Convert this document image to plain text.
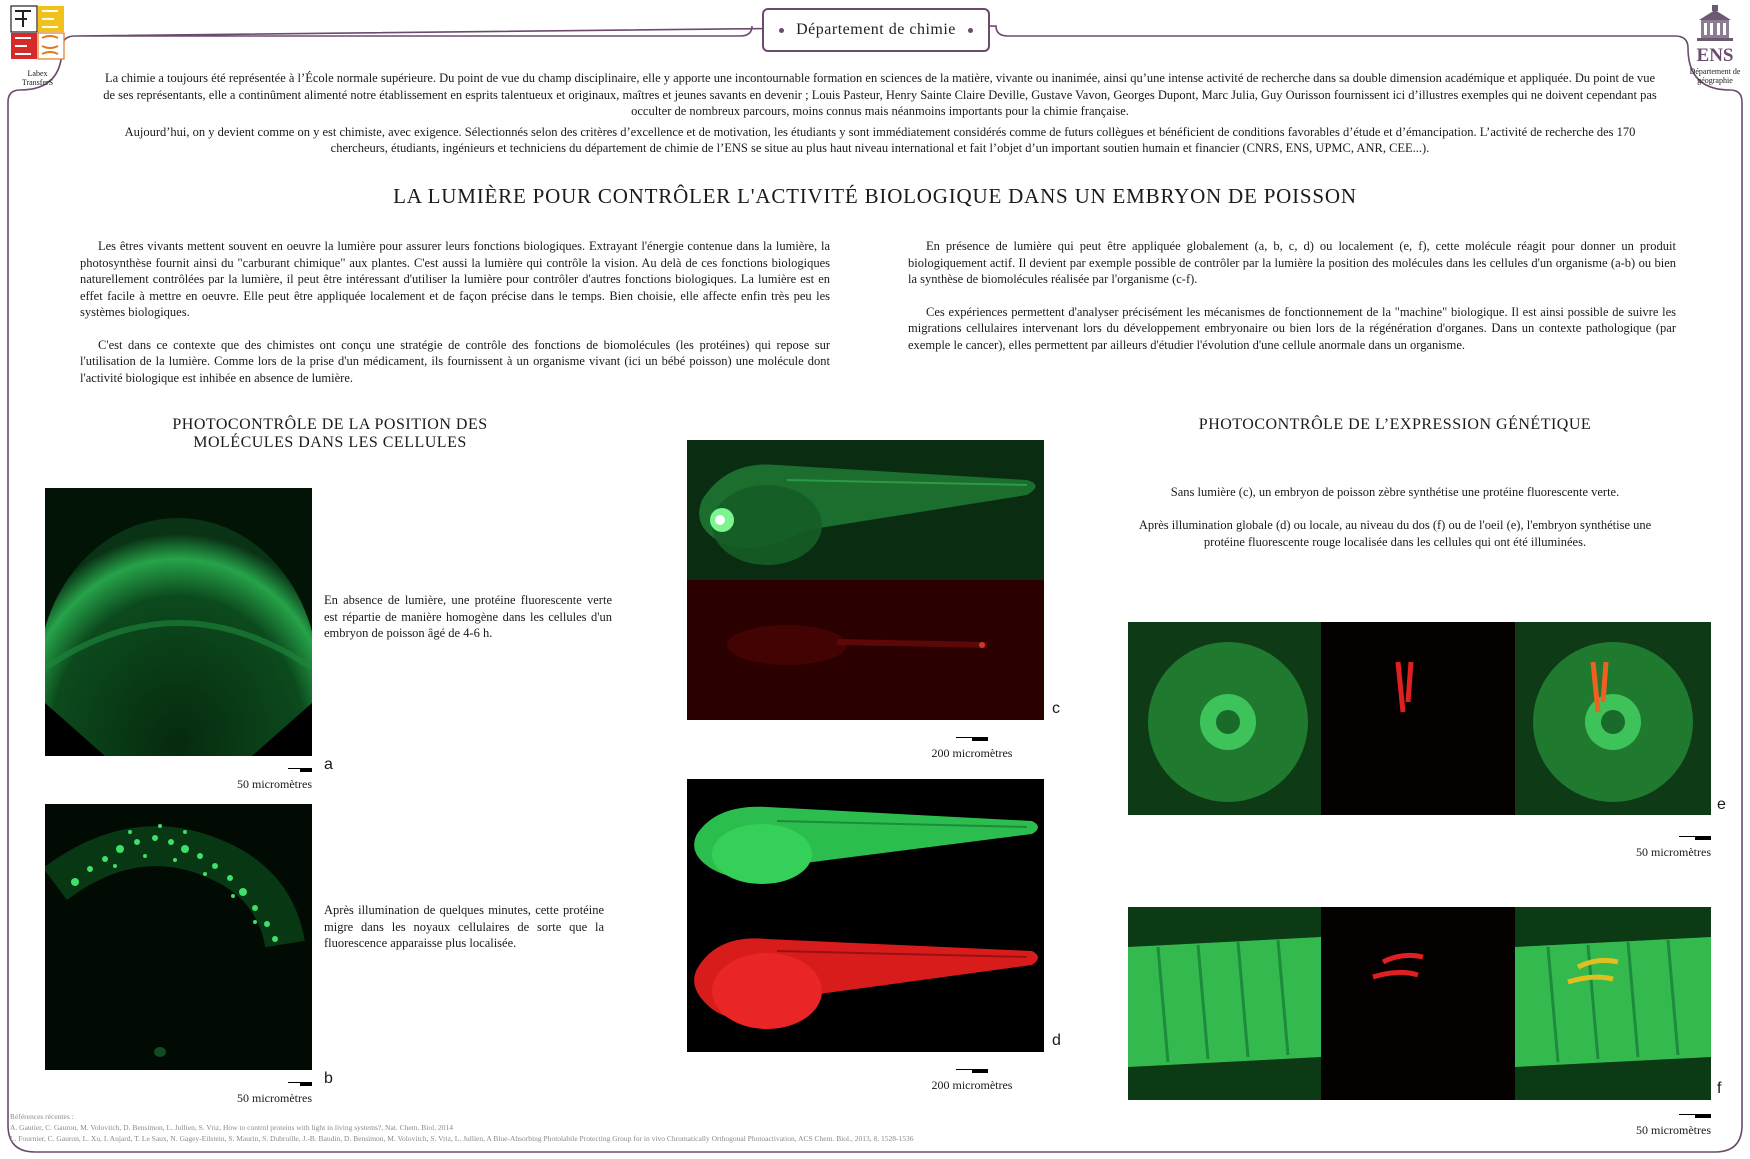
Labex
TransferS
ENS
Département de
géographie
Département de chimie

La chimie a toujours été représentée à l’École normale supérieure. Du point de vue du champ disciplinaire, elle y apporte une incontournable formation en sciences de la matière, vivante ou inanimée, ainsi qu’une intense activité de recherche dans sa double dimension académique et appliquée. Du point de vue de ses représentants, elle a continûment alimenté notre établissement en esprits talentueux et originaux, maîtres et jeunes savants en devenir ; Louis Pasteur, Henry Sainte Claire Deville, Gustave Vavon, Georges Dupont, Marc Julia, Guy Ourisson fournissent ici d’illustres exemples qui ne doivent cependant pas occulter de nombreux parcours, moins connus mais néanmoins importants pour la chimie française.

Aujourd’hui, on y devient comme on y est chimiste, avec exigence. Sélectionnés selon des critères d’excellence et de motivation, les étudiants y sont immédiatement considérés comme de futurs collègues et bénéficient de conditions favorables d’étude et d’émancipation. L’activité de recherche des 170 chercheurs, étudiants, ingénieurs et techniciens du département de chimie de l’ENS se situe au plus haut niveau international et fait l’objet d’un important soutien humain et financier (CNRS, ENS, UPMC, ANR, CEE...).

LA LUMIÈRE POUR CONTRÔLER L'ACTIVITÉ BIOLOGIQUE DANS UN EMBRYON DE POISSON

Les êtres vivants mettent souvent en oeuvre la lumière pour assurer leurs fonctions biologiques. Extrayant l'énergie contenue dans la lumière, la photosynthèse fournit ainsi du "carburant chimique" aux plantes. C'est aussi la lumière qui contrôle la vision. Au delà de ces fonctions biologiques naturellement contrôlées par la lumière, il peut être intéressant d'utiliser la lumière pour contrôler d'autres fonctions biologiques. La lumière est en effet facile à mettre en oeuvre. Elle peut être appliquée localement et de façon précise dans le temps. Bien choisie, elle affecte enfin très peu les systèmes biologiques.

C'est dans ce contexte que des chimistes ont conçu une stratégie de contrôle des fonctions de biomolécules (les protéines) qui repose sur l'utilisation de la lumière. Comme lors de la prise d'un médicament, ils fournissent à un organisme vivant (ici un bébé poisson) une molécule dont l'activité biologique est inhibée en absence de lumière.

En présence de lumière qui peut être appliquée globalement (a, b, c, d) ou localement (e, f), cette molécule réagit pour donner un produit biologiquement actif. Il devient par exemple possible de contrôler par la lumière la position des molécules dans les cellules d'un organisme (a-b) ou bien la synthèse de biomolécules réalisée par l'organisme (c-f).

Ces expériences permettent d'analyser précisément les mécanismes de fonctionnement de la "machine" biologique. Il est ainsi possible de suivre les migrations cellulaires intervenant lors du développement embryonaire ou bien lors de la régénération d'organes. Dans un contexte pathologique (par exemple le cancer), elles permettent par ailleurs d'étudier l'évolution d'une cellule anormale dans un organisme.

PHOTOCONTRÔLE DE LA POSITION DES
MOLÉCULES DANS LES CELLULES
PHOTOCONTRÔLE DE L’EXPRESSION GÉNÉTIQUE
En absence de lumière, une protéine fluorescente verte est répartie de manière homogène dans les cellules d'un embryon de poisson âgé de 4-6 h.

50 micromètres
a
Après illumination de quelques minutes, cette protéine migre dans les noyaux cellulaires de sorte que la fluorescence apparaisse plus localisée.

50 micromètres
b
c

200 micromètres
d

200 micromètres
Sans lumière (c), un embryon de poisson zèbre synthétise une protéine fluorescente verte.
Après illumination globale (d) ou locale, au niveau du dos (f) ou de l'oeil (e), l'embryon synthétise une protéine fluorescente rouge localisée dans les cellules qui ont été illuminées.
e

50 micromètres
f

50 micromètres
Références récentes :
A. Gautier, C. Gauron, M. Volovitch, D. Bensimon, L. Jullien, S. Vriz, How to control proteins with light in living systems?, Nat. Chem. Biol, 2014
L. Fournier, C. Gauron, L. Xu, I. Aujard, T. Le Saux, N. Gagey-Eilstein, S. Maurin, S. Dubruille, J.-B. Baudin, D. Bensimon, M. Volovitch, S. Vriz, L. Jullien, A Blue-Absorbing Photolabile Protecting Group for in vivo Chromatically Orthogonal Photoactivation, ACS Chem. Biol., 2013, 8, 1528-1536
